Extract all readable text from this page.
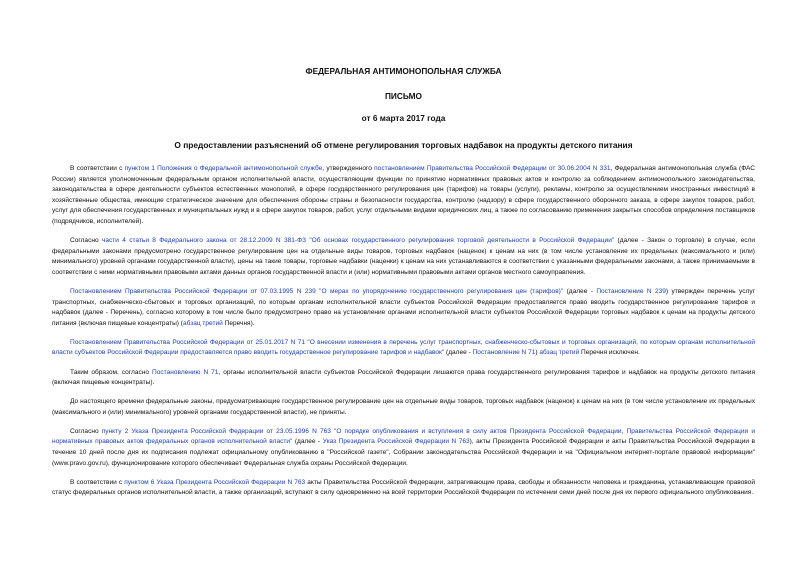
ФЕДЕРАЛЬНАЯ АНТИМОНОПОЛЬНАЯ СЛУЖБА
ПИСЬМО
от 6 марта 2017 года
О предоставлении разъяснений об отмене регулирования торговых надбавок на продукты детского питания

В соответствии с пунктом 1 Положения о Федеральной антимонопольной службе, утвержденного постановлением Правительства Российской Федерации от 30.06.2004 N 331, Федеральная антимонопольная служба (ФАС России) является уполномоченным федеральным органом исполнительной власти, осуществляющим функции по принятию нормативных правовых актов и контролю за соблюдением антимонопольного законодательства, законодательства в сфере деятельности субъектов естественных монополий, в сфере государственного регулирования цен (тарифов) на товары (услуги), рекламы, контролю за осуществлением иностранных инвестиций в хозяйственные общества, имеющие стратегическое значение для обеспечения обороны страны и безопасности государства, контролю (надзору) в сфере государственного оборонного заказа, в сфере закупок товаров, работ, услуг для обеспечения государственных и муниципальных нужд и в сфере закупок товаров, работ, услуг отдельными видами юридических лиц, а также по согласованию применения закрытых способов определения поставщиков (подрядчиков, исполнителей).

Согласно части 4 статьи 8 Федерального закона от 28.12.2009 N 381-ФЗ "Об основах государственного регулирования торговой деятельности в Российской Федерации" (далее - Закон о торговле) в случае, если федеральными законами предусмотрено государственное регулирование цен на отдельные виды товаров, торговых надбавок (наценок) к ценам на них (в том числе установление их предельных (максимального и (или) минимального) уровней органами государственной власти), цены на такие товары, торговые надбавки (наценки) к ценам на них устанавливаются в соответствии с указанными федеральными законами, а также принимаемыми в соответствии с ними нормативными правовыми актами данных органов государственной власти и (или) нормативными правовыми актами органов местного самоуправления.

Постановлением Правительства Российской Федерации от 07.03.1995 N 239 "О мерах по упорядочению государственного регулирования цен (тарифов)" (далее - Постановление N 239) утвержден перечень услуг транспортных, снабженческо-сбытовых и торговых организаций, по которым органам исполнительной власти субъектов Российской Федерации предоставляется право вводить государственное регулирование тарифов и надбавок (далее - Перечень), согласно которому в том числе было предусмотрено право на установление органами исполнительной власти субъектов Российской Федерации торговых надбавок к ценам на продукты детского питания (включая пищевые концентраты) (абзац третий Перечня).

Постановлением Правительства Российской Федерации от 25.01.2017 N 71 "О внесении изменения в перечень услуг транспортных, снабженческо-сбытовых и торговых организаций, по которым органам исполнительной власти субъектов Российской Федерации предоставляется право вводить государственное регулирование тарифов и надбавок" (далее - Постановление N 71) абзац третий Перечня исключен.

Таким образом, согласно Постановлению N 71, органы исполнительной власти субъектов Российской Федерации лишаются права государственного регулирования тарифов и надбавок на продукты детского питания (включая пищевые концентраты).

До настоящего времени федеральные законы, предусматривающие государственное регулирование цен на отдельные виды товаров, торговых надбавок (наценок) к ценам на них (в том числе установление их предельных (максимального и (или) минимального) уровней органами государственной власти), не приняты.

Согласно пункту 2 Указа Президента Российской Федерации от 23.05.1996 N 763 "О порядке опубликования и вступления в силу актов Президента Российской Федерации, Правительства Российской Федерации и нормативных правовых актов федеральных органов исполнительной власти" (далее - Указ Президента Российской Федерации N 763), акты Президента Российской Федерации и акты Правительства Российской Федерации в течение 10 дней после дня их подписания подлежат официальному опубликованию в "Российской газете", Собрании законодательства Российской Федерации и на "Официальном интернет-портале правовой информации" (www.pravo.gov.ru), функционирование которого обеспечивает Федеральная служба охраны Российской Федерации.

В соответствии с пунктом 6 Указа Президента Российской Федерации N 763 акты Правительства Российской Федерации, затрагивающие права, свободы и обязанности человека и гражданина, устанавливающие правовой статус федеральных органов исполнительной власти, а также организаций, вступают в силу одновременно на всей территории Российской Федерации по истечении семи дней после дня их первого официального опубликования.
